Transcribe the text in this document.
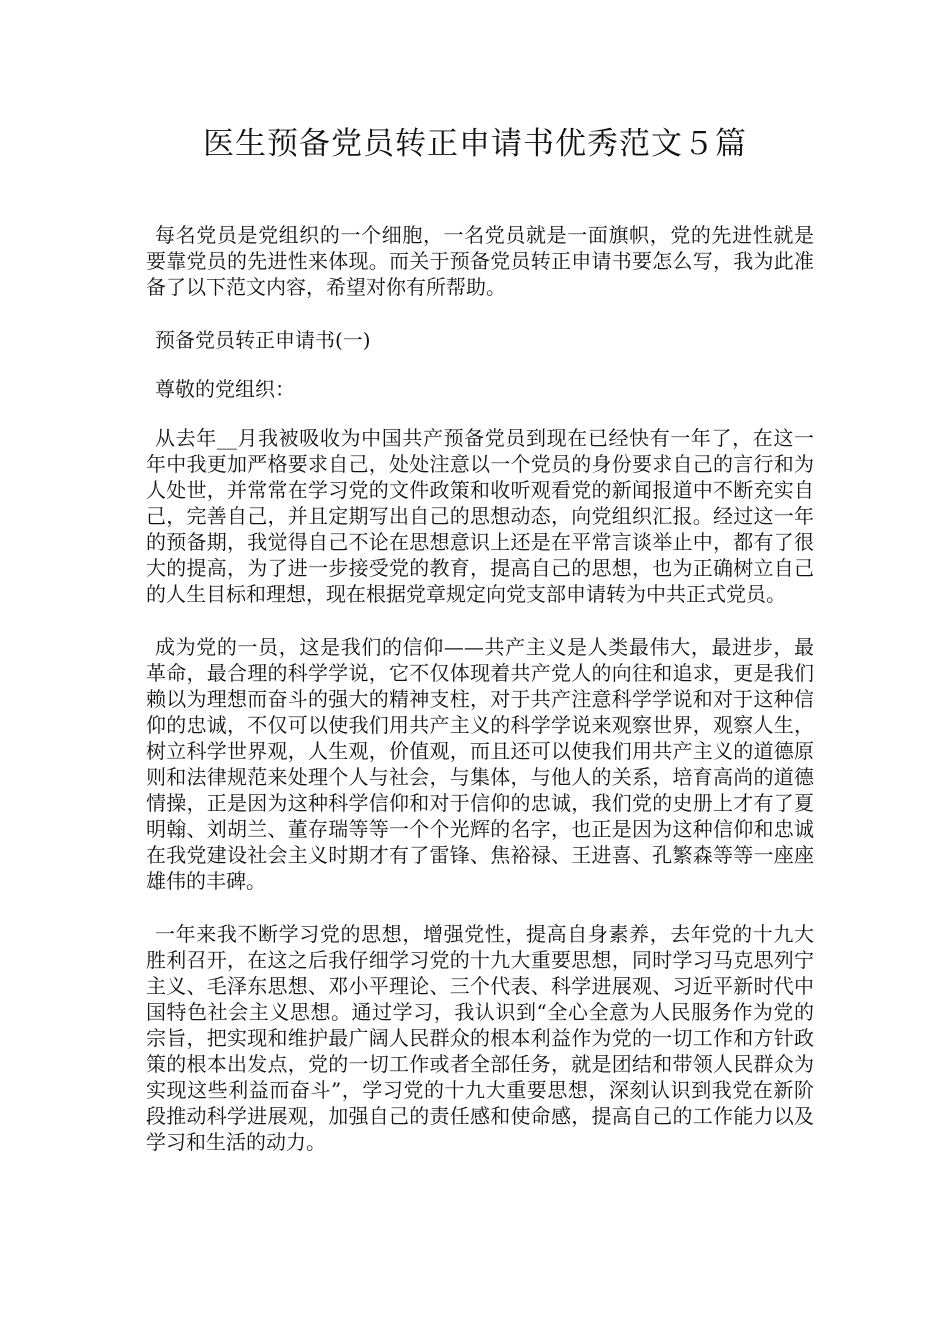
医生预备党员转正申请书优秀范文５篇

每名党员是党组织的一个细胞，一名党员就是一面旗帜，党的先进性就是要靠党员的先进性来体现。而关于预备党员转正申请书要怎么写，我为此准备了以下范文内容，希望对你有所帮助。

预备党员转正申请书(一)

尊敬的党组织：

从去年__月我被吸收为中国共产预备党员到现在已经快有一年了，在这一年中我更加严格要求自己，处处注意以一个党员的身份要求自己的言行和为人处世，并常常在学习党的文件政策和收听观看党的新闻报道中不断充实自己，完善自己，并且定期写出自己的思想动态，向党组织汇报。经过这一年的预备期，我觉得自己不论在思想意识上还是在平常言谈举止中，都有了很大的提高，为了进一步接受党的教育，提高自己的思想，也为正确树立自己的人生目标和理想，现在根据党章规定向党支部申请转为中共正式党员。

成为党的一员，这是我们的信仰——共产主义是人类最伟大，最进步，最革命，最合理的科学学说，它不仅体现着共产党人的向往和追求，更是我们赖以为理想而奋斗的强大的精神支柱，对于共产注意科学学说和对于这种信仰的忠诚，不仅可以使我们用共产主义的科学学说来观察世界，观察人生，树立科学世界观，人生观，价值观，而且还可以使我们用共产主义的道德原则和法律规范来处理个人与社会，与集体，与他人的关系，培育高尚的道德情操，正是因为这种科学信仰和对于信仰的忠诚，我们党的史册上才有了夏明翰、刘胡兰、董存瑞等等一个个光辉的名字，也正是因为这种信仰和忠诚在我党建设社会主义时期才有了雷锋、焦裕禄、王进喜、孔繁森等等一座座雄伟的丰碑。

一年来我不断学习党的思想，增强党性，提高自身素养，去年党的十九大胜利召开，在这之后我仔细学习党的十九大重要思想，同时学习马克思列宁主义、毛泽东思想、邓小平理论、三个代表、科学进展观、习近平新时代中国特色社会主义思想。通过学习，我认识到“全心全意为人民服务作为党的宗旨，把实现和维护最广阔人民群众的根本利益作为党的一切工作和方针政策的根本出发点，党的一切工作或者全部任务，就是团结和带领人民群众为实现这些利益而奋斗”，学习党的十九大重要思想，深刻认识到我党在新阶段推动科学进展观，加强自己的责任感和使命感，提高自己的工作能力以及学习和生活的动力。
